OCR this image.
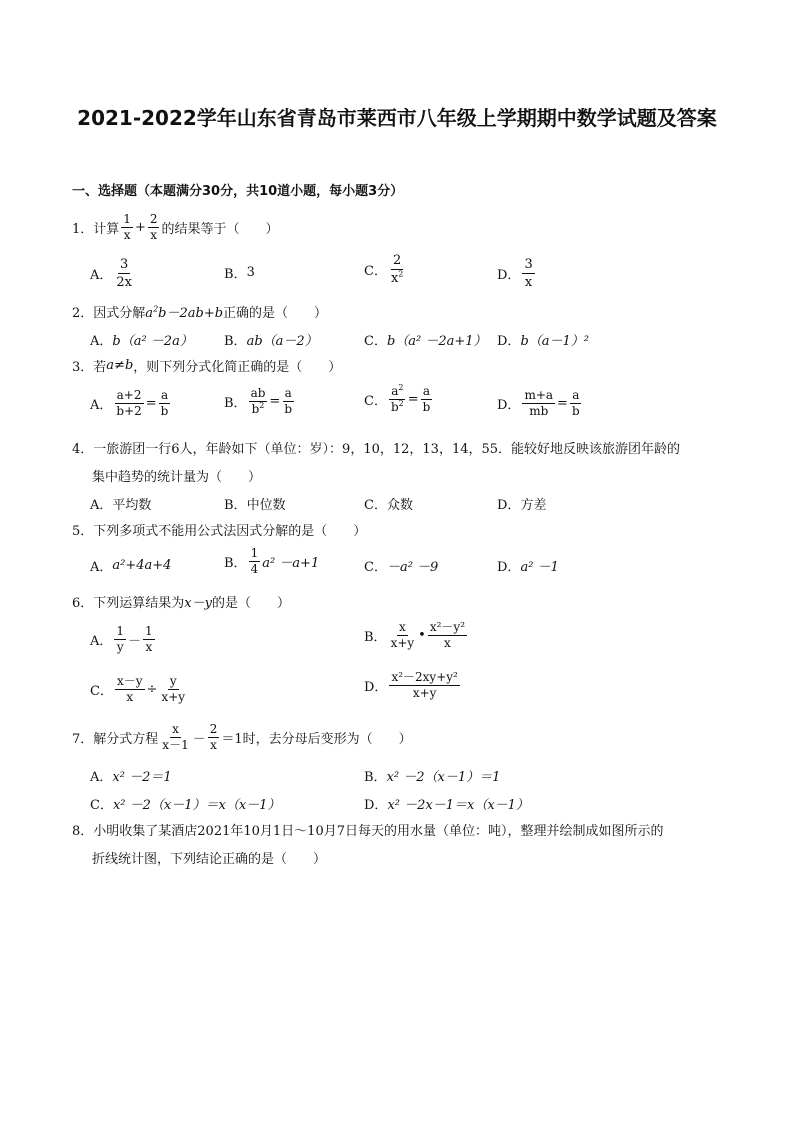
2021-2022学年山东省青岛市莱西市八年级上学期期中数学试题及答案
一、选择题（本题满分30分，共10道小题，每小题3分）
1． 计算 $\frac{1}{x} + \frac{2}{x}$ 的结果等于（　　）
A． $\frac{3}{2x}$	B． 3	C． $\frac{2}{x^2}$	D． $\frac{3}{x}$
2． 因式分解 $a^2b-2ab+b$ 正确的是（　　）
A． b（a² －2a） B． ab（a－2）	C． b（a² －2a+1） D． b（a－1）²
3． 若 a≠b ，则下列分式化简正确的是（　　）
A． $\frac{a+2}{b+2} = \frac{a}{b}$	B． $\frac{ab}{b^2} = \frac{a}{b}$	C． $\frac{a^2}{b^2} = \frac{a}{b}$	D． $\frac{m+a}{mb} = \frac{a}{b}$
4． 一旅游团一行6人，年龄如下（单位：岁）：9，10，12，13，14，55．能较好地反映该旅游团年龄的
集中趋势的统计量为（　　）
A． 平均数	B． 中位数	C． 众数	D． 方差
5． 下列多项式不能用公式法因式分解的是（　　）
A． a²+4a+4	B． $\frac{1}{4} a^2 -a+1$	C． －a² －9	D． a² －1
6． 下列运算结果为 x－y 的是（　　）
A． $\frac{1}{y} - \frac{1}{x}$	B． $\frac{x}{x+y}$ • $\frac{\text{x²－y²}}{x}$
C． $\frac{x-y}{x} \div \frac{y}{x+y}$	D． $\frac{\text{x²－2xy+y²}}{x+y}$
7． 解分式方程 $\frac{x}{x-1} - \frac{2}{x} =1$时，去分母后变形为（　　）
A． x² －2＝1	B． x² －2（x－1）＝1
C． x² －2（x－1）＝x（x－1）	D． x² －2x－1＝x（x－1）
8． 小明收集了某酒店2021年10月1日～10月7日每天的用水量（单位：吨），整理并绘制成如图所示的
折线统计图，下列结论正确的是（　　）
